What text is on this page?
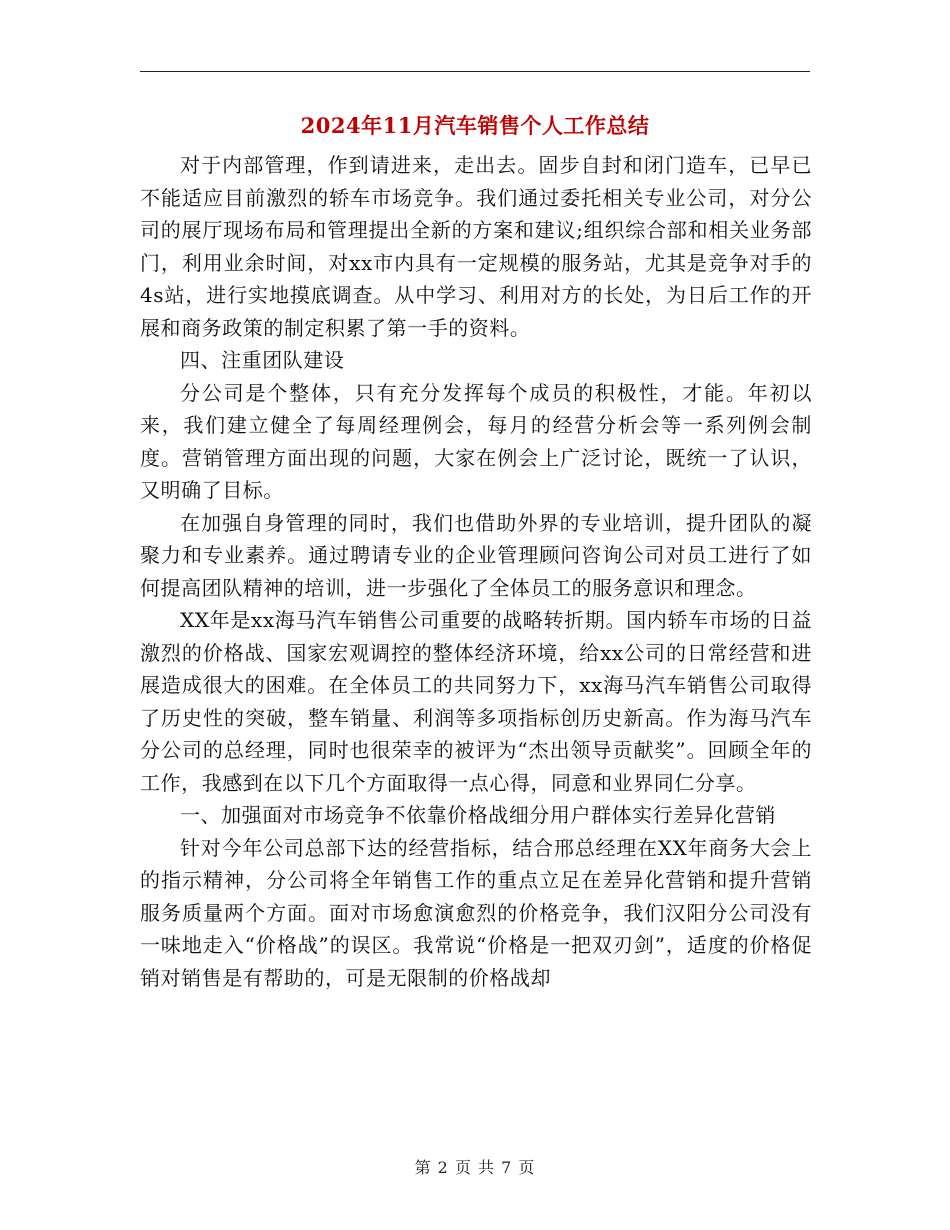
2024年11月汽车销售个人工作总结

对于内部管理，作到请进来，走出去。固步自封和闭门造车，已早已不能适应目前激烈的轿车市场竞争。我们通过委托相关专业公司，对分公司的展厅现场布局和管理提出全新的方案和建议;组织综合部和相关业务部门，利用业余时间，对xx市内具有一定规模的服务站，尤其是竞争对手的4s站，进行实地摸底调查。从中学习、利用对方的长处，为日后工作的开展和商务政策的制定积累了第一手的资料。

四、注重团队建设

分公司是个整体，只有充分发挥每个成员的积极性，才能。年初以来，我们建立健全了每周经理例会，每月的经营分析会等一系列例会制度。营销管理方面出现的问题，大家在例会上广泛讨论，既统一了认识，又明确了目标。

在加强自身管理的同时，我们也借助外界的专业培训，提升团队的凝聚力和专业素养。通过聘请专业的企业管理顾问咨询公司对员工进行了如何提高团队精神的培训，进一步强化了全体员工的服务意识和理念。

XX年是xx海马汽车销售公司重要的战略转折期。国内轿车市场的日益激烈的价格战、国家宏观调控的整体经济环境，给xx公司的日常经营和进展造成很大的困难。在全体员工的共同努力下，xx海马汽车销售公司取得了历史性的突破，整车销量、利润等多项指标创历史新高。作为海马汽车分公司的总经理，同时也很荣幸的被评为“杰出领导贡献奖”。回顾全年的工作，我感到在以下几个方面取得一点心得，同意和业界同仁分享。

一、加强面对市场竞争不依靠价格战细分用户群体实行差异化营销

针对今年公司总部下达的经营指标，结合邢总经理在XX年商务大会上的指示精神，分公司将全年销售工作的重点立足在差异化营销和提升营销服务质量两个方面。面对市场愈演愈烈的价格竞争，我们汉阳分公司没有一味地走入“价格战”的误区。我常说“价格是一把双刃剑”，适度的价格促销对销售是有帮助的，可是无限制的价格战却

第 2 页 共 7 页
